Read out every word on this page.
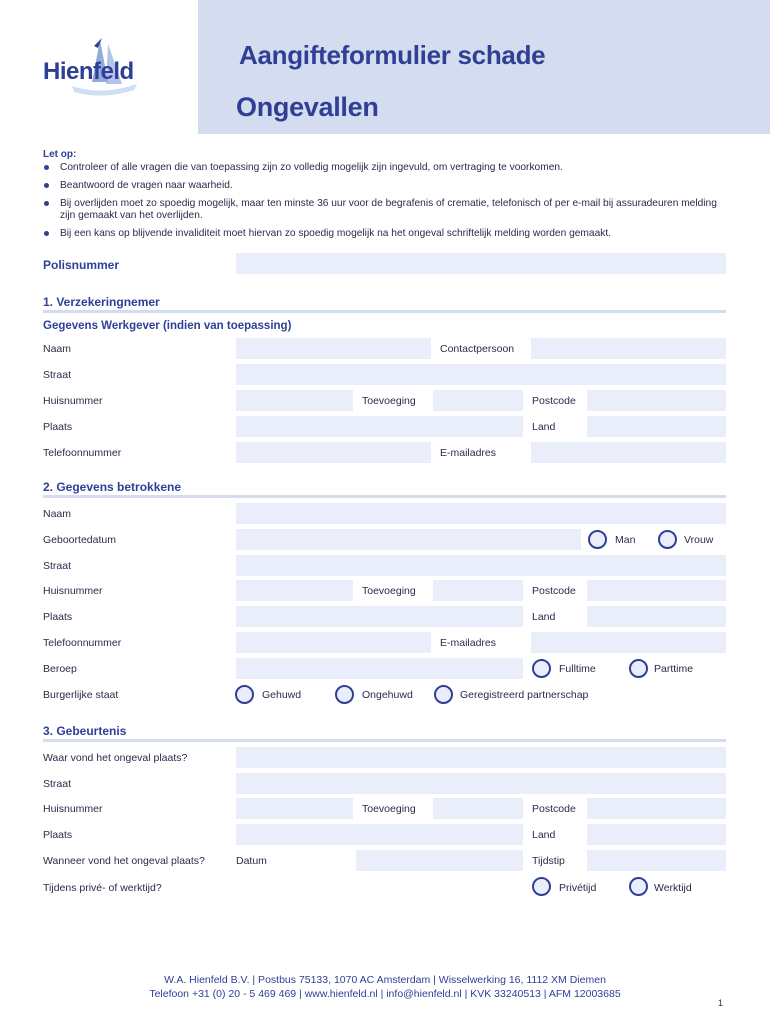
Hienfeld
Aangifteformulier schade
Ongevallen
Let op:
Controleer of alle vragen die van toepassing zijn zo volledig mogelijk zijn ingevuld, om vertraging te voorkomen.
Beantwoord de vragen naar waarheid.
Bij overlijden moet zo spoedig mogelijk, maar ten minste 36 uur voor de begrafenis of crematie, telefonisch of per e-mail bij assuradeuren melding zijn gemaakt van het overlijden.
Bij een kans op blijvende invaliditeit moet hiervan zo spoedig mogelijk na het ongeval schriftelijk melding worden gemaakt.
Polisnummer
1. Verzekeringnemer
Gegevens Werkgever (indien van toepassing)
Naam	Contactpersoon
Straat
Huisnummer	Toevoeging	Postcode
Plaats	Land
Telefoonnummer	E-mailadres
2. Gegevens betrokkene
Naam
Geboortedatum	Man	Vrouw
Straat
Huisnummer	Toevoeging	Postcode
Plaats	Land
Telefoonnummer	E-mailadres
Beroep	Fulltime	Parttime
Burgerlijke staat	Gehuwd	Ongehuwd	Geregistreerd partnerschap
3. Gebeurtenis
Waar vond het ongeval plaats?
Straat
Huisnummer	Toevoeging	Postcode
Plaats	Land
Wanneer vond het ongeval plaats?	Datum	Tijdstip
Tijdens privé- of werktijd?	Privétijd	Werktijd
W.A. Hienfeld B.V. | Postbus 75133, 1070 AC Amsterdam | Wisselwerking 16, 1112 XM Diemen
Telefoon +31 (0) 20 - 5 469 469 | www.hienfeld.nl | info@hienfeld.nl | KVK 33240513 | AFM 12003685
1
